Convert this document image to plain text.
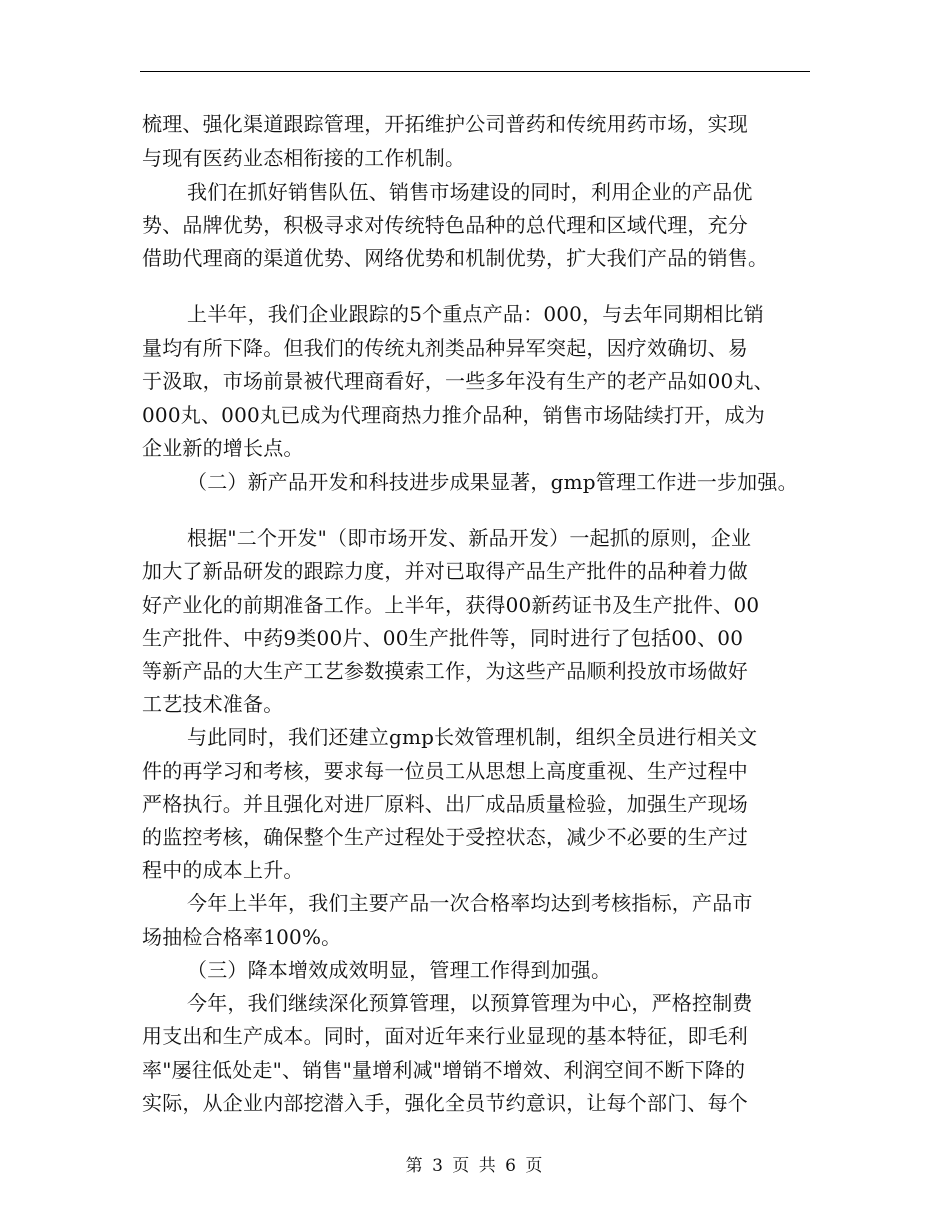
梳理、强化渠道跟踪管理，开拓维护公司普药和传统用药市场，实现
与现有医药业态相衔接的工作机制。
我们在抓好销售队伍、销售市场建设的同时，利用企业的产品优
势、品牌优势，积极寻求对传统特色品种的总代理和区域代理，充分
借助代理商的渠道优势、网络优势和机制优势，扩大我们产品的销售。
上半年，我们企业跟踪的5个重点产品：000，与去年同期相比销
量均有所下降。但我们的传统丸剂类品种异军突起，因疗效确切、易
于汲取，市场前景被代理商看好，一些多年没有生产的老产品如00丸、
000丸、000丸已成为代理商热力推介品种，销售市场陆续打开，成为
企业新的增长点。
（二）新产品开发和科技进步成果显著，gmp管理工作进一步加强。
根据"二个开发"（即市场开发、新品开发）一起抓的原则，企业
加大了新品研发的跟踪力度，并对已取得产品生产批件的品种着力做
好产业化的前期准备工作。上半年，获得00新药证书及生产批件、00
生产批件、中药9类00片、00生产批件等，同时进行了包括00、00
等新产品的大生产工艺参数摸索工作，为这些产品顺利投放市场做好
工艺技术准备。
与此同时，我们还建立gmp长效管理机制，组织全员进行相关文
件的再学习和考核，要求每一位员工从思想上高度重视、生产过程中
严格执行。并且强化对进厂原料、出厂成品质量检验，加强生产现场
的监控考核，确保整个生产过程处于受控状态，减少不必要的生产过
程中的成本上升。
今年上半年，我们主要产品一次合格率均达到考核指标，产品市
场抽检合格率100%。
（三）降本增效成效明显，管理工作得到加强。
今年，我们继续深化预算管理，以预算管理为中心，严格控制费
用支出和生产成本。同时，面对近年来行业显现的基本特征，即毛利
率"屡往低处走"、销售"量增利减"增销不增效、利润空间不断下降的
实际，从企业内部挖潜入手，强化全员节约意识，让每个部门、每个
第 3 页 共 6 页
